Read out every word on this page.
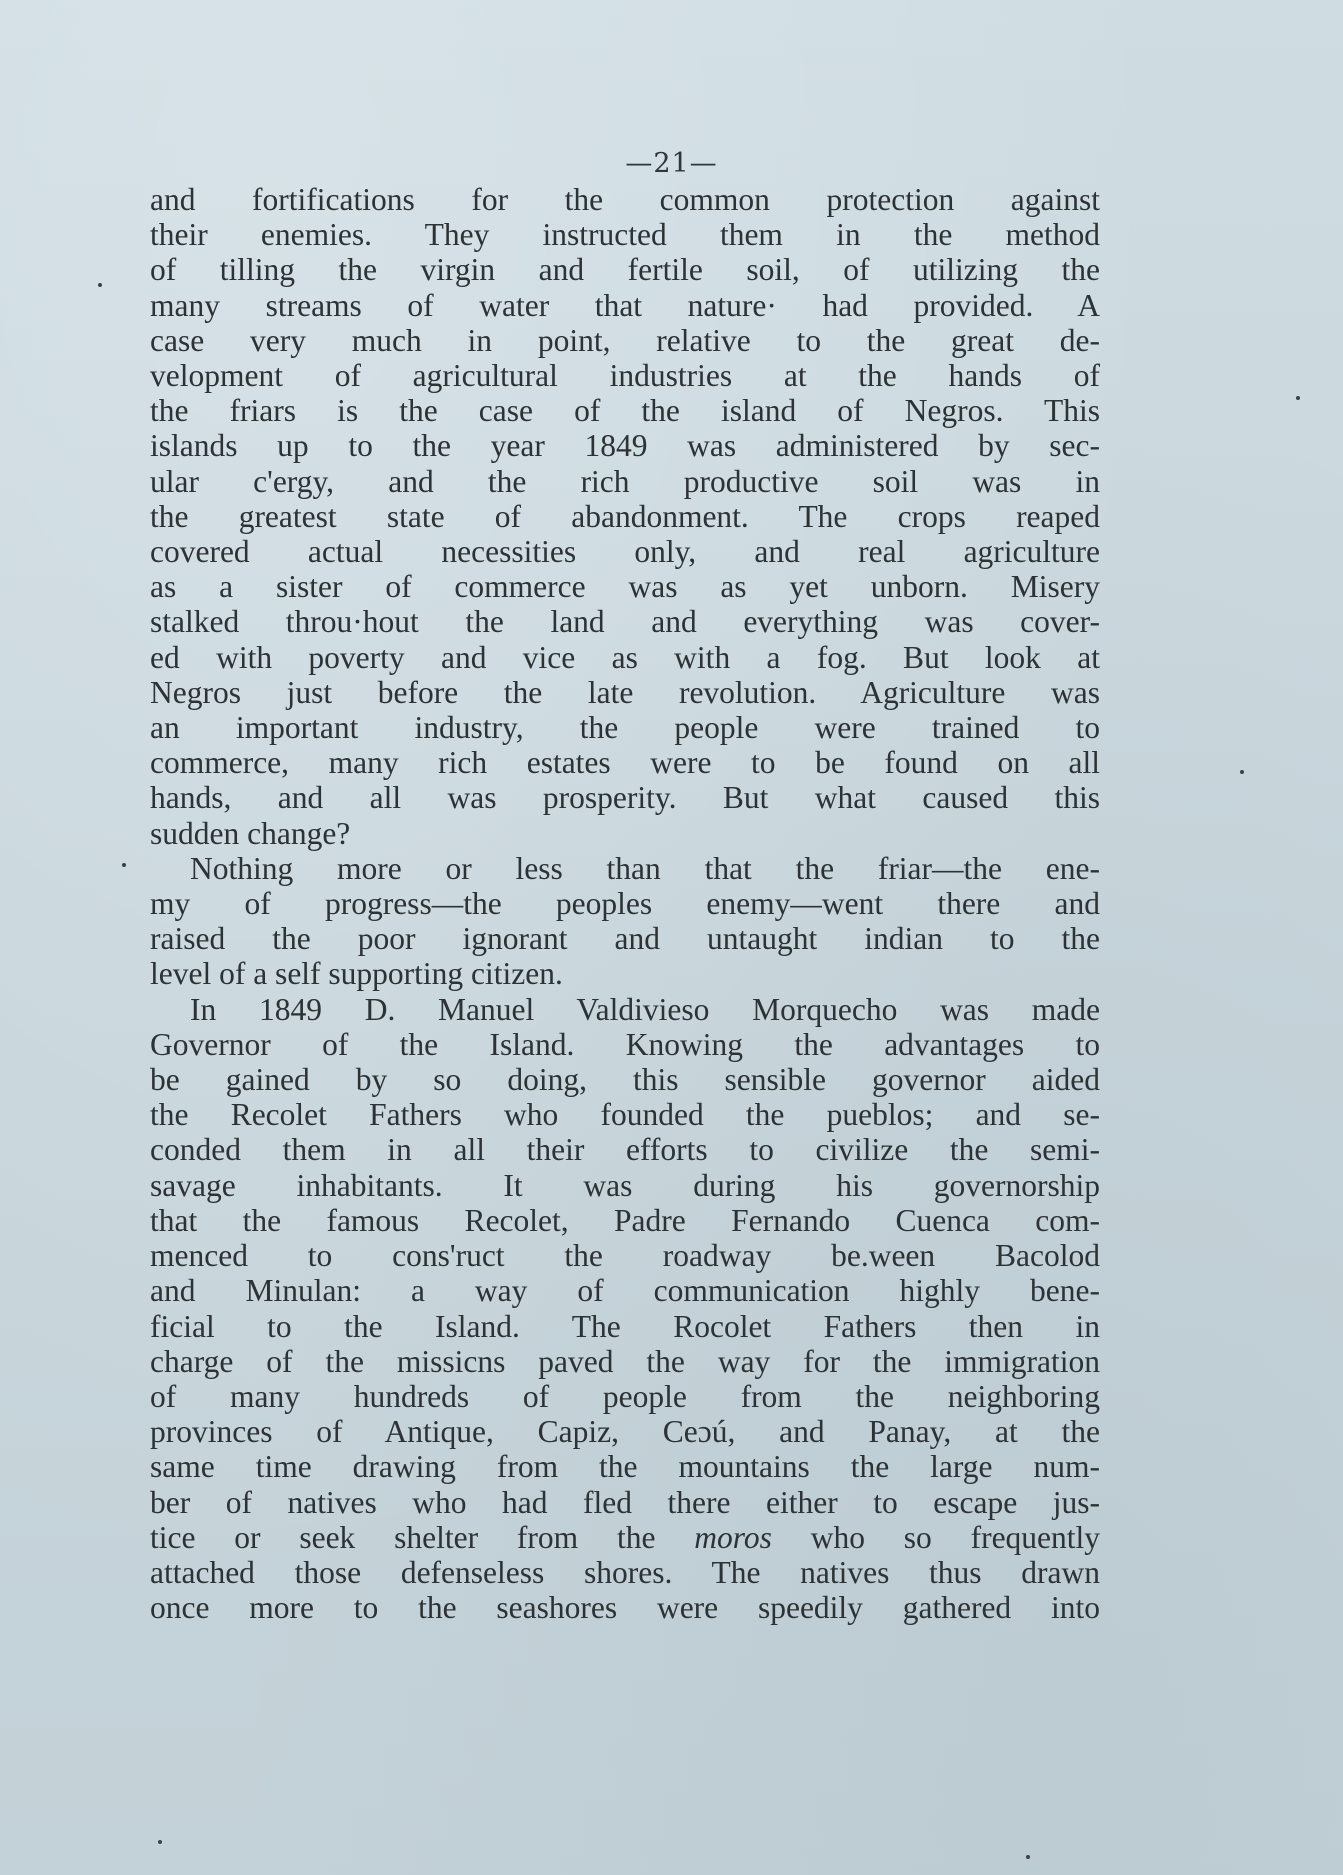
—21—
and fortifications for the common protection against
their enemies. They instructed them in the method
of tilling the virgin and fertile soil, of utilizing the
many streams of water that nature· had provided. A
case very much in point, relative to the great de-
velopment of agricultural industries at the hands of
the friars is the case of the island of Negros. This
islands up to the year 1849 was administered by sec-
ular c'ergy, and the rich productive soil was in
the greatest state of abandonment. The crops reaped
covered actual necessities only, and real agriculture
as a sister of commerce was as yet unborn. Misery
stalked throu·hout the land and everything was cover-
ed with poverty and vice as with a fog. But look at
Negros just before the late revolution. Agriculture was
an important industry, the people were trained to
commerce, many rich estates were to be found on all
hands, and all was prosperity. But what caused this
sudden change?
Nothing more or less than that the friar—the ene-
my of progress—the peoples enemy—went there and
raised the poor ignorant and untaught indian to the
level of a self supporting citizen.
In 1849 D. Manuel Valdivieso Morquecho was made
Governor of the Island. Knowing the advantages to
be gained by so doing, this sensible governor aided
the Recolet Fathers who founded the pueblos; and se-
conded them in all their efforts to civilize the semi-
savage inhabitants. It was during his governorship
that the famous Recolet, Padre Fernando Cuenca com-
menced to cons'ruct the roadway be.ween Bacolod
and Minulan: a way of communication highly bene-
ficial to the Island. The Rocolet Fathers then in
charge of the missicns paved the way for the immigration
of many hundreds of people from the neighboring
provinces of Antique, Capiz, Ceɔú, and Panay, at the
same time drawing from the mountains the large num-
ber of natives who had fled there either to escape jus-
tice or seek shelter from the moros who so frequently
attached those defenseless shores. The natives thus drawn
once more to the seashores were speedily gathered into
